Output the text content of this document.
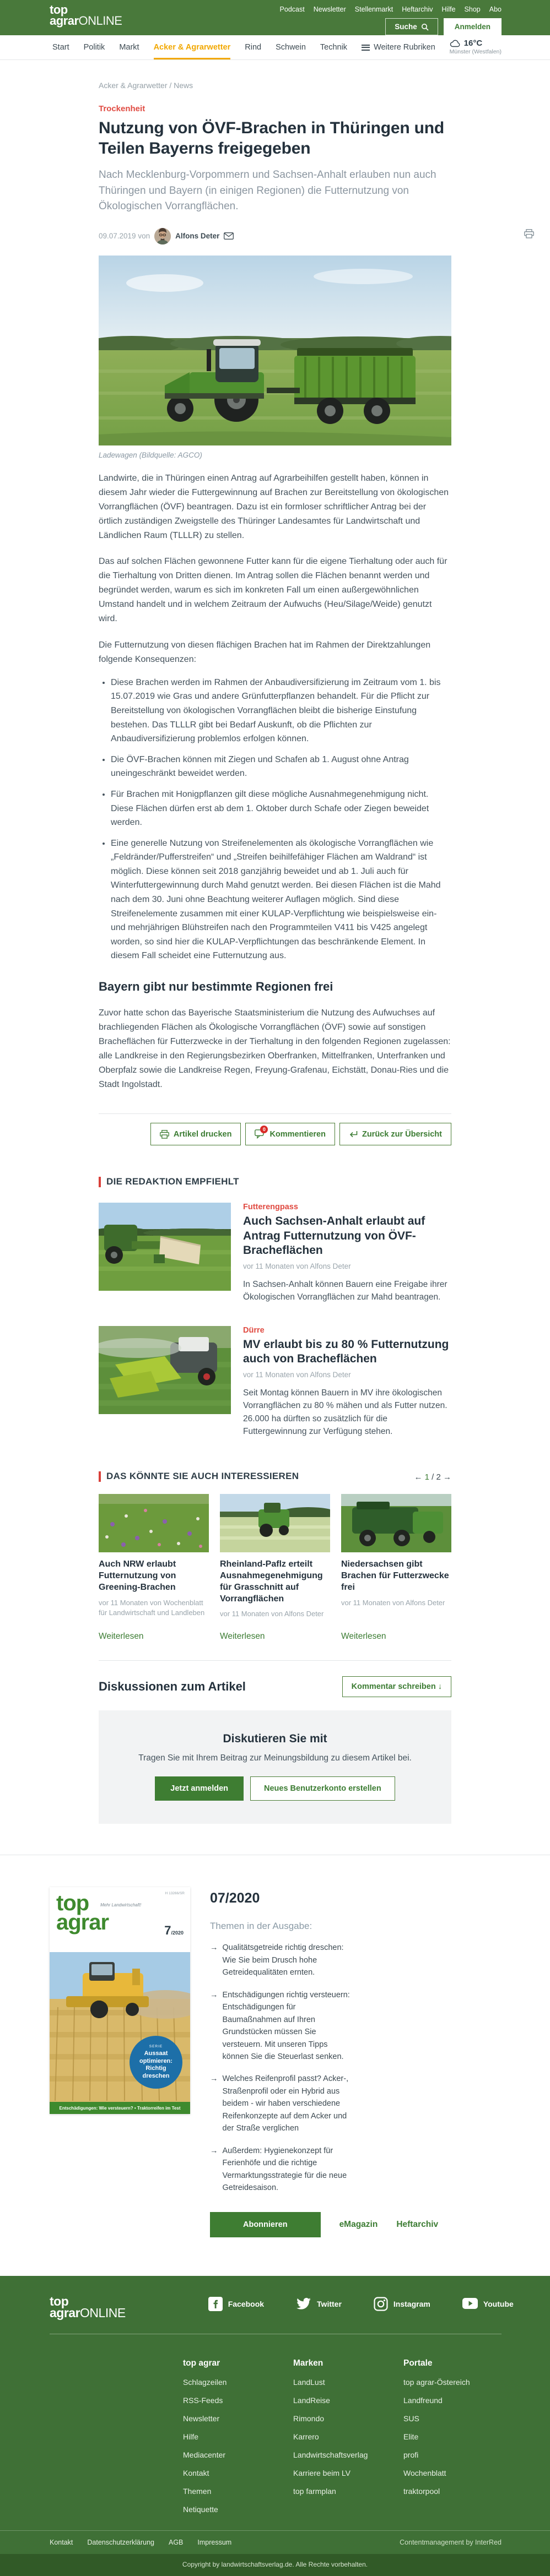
top
agrarONLINE
Podcast Newsletter Stellenmarkt Heftarchiv Hilfe Shop Abo
Suche	Anmelden
Start Politik Markt Acker & Agrarwetter Rind Schwein Technik	Weitere Rubriken	16°C
Münster (Westfalen)
Acker & Agrarwetter / News
Trockenheit
Nutzung von ÖVF-Brachen in Thüringen und Teilen Bayerns freigegeben

Nach Mecklenburg-Vorpommern und Sachsen-Anhalt erlauben nun auch Thüringen und Bayern (in einigen Regionen) die Futternutzung von Ökologischen Vorrangflächen.

09.07.2019
von	Alfons Deter
Ladewagen (Bildquelle: AGCO)

Landwirte, die in Thüringen einen Antrag auf Agrarbeihilfen gestellt haben, können in diesem Jahr wieder die Futtergewinnung auf Brachen zur Bereitstellung von ökologischen Vorrangflächen (ÖVF) beantragen. Dazu ist ein formloser schriftlicher Antrag bei der örtlich zuständigen Zweigstelle des Thüringer Landesamtes für Landwirtschaft und Ländlichen Raum (TLLLR) zu stellen.

Das auf solchen Flächen gewonnene Futter kann für die eigene Tierhaltung oder auch für die Tierhaltung von Dritten dienen. Im Antrag sollen die Flächen benannt werden und begründet werden, warum es sich im konkreten Fall um einen außergewöhnlichen Umstand handelt und in welchem Zeitraum der Aufwuchs (Heu/Silage/Weide) genutzt wird.

Die Futternutzung von diesen flächigen Brachen hat im Rahmen der Direktzahlungen folgende Konsequenzen:

• Diese Brachen werden im Rahmen der Anbaudiversifizierung im Zeitraum vom 1. bis 15.07.2019 wie Gras und andere Grünfutterpflanzen behandelt. Für die Pflicht zur Bereitstellung von ökologischen Vorrangflächen bleibt die bisherige Einstufung bestehen. Das TLLLR gibt bei Bedarf Auskunft, ob die Pflichten zur Anbaudiversifizierung problemlos erfolgen können.
• Die ÖVF-Brachen können mit Ziegen und Schafen ab 1. August ohne Antrag uneingeschränkt beweidet werden.
• Für Brachen mit Honigpflanzen gilt diese mögliche Ausnahmegenehmigung nicht. Diese Flächen dürfen erst ab dem 1. Oktober durch Schafe oder Ziegen beweidet werden.
• Eine generelle Nutzung von Streifenelementen als ökologische Vorrangflächen wie „Feldränder/Pufferstreifen“ und „Streifen beihilfefähiger Flächen am Waldrand“ ist möglich. Diese können seit 2018 ganzjährig beweidet und ab 1. Juli auch für Winterfuttergewinnung durch Mahd genutzt werden. Bei diesen Flächen ist die Mahd nach dem 30. Juni ohne Beachtung weiterer Auflagen möglich. Sind diese Streifenelemente zusammen mit einer KULAP-Verpflichtung wie beispielsweise ein- und mehrjährigen Blühstreifen nach den Programmteilen V411 bis V425 angelegt worden, so sind hier die KULAP-Verpflichtungen das beschränkende Element. In diesem Fall scheidet eine Futternutzung aus.
Bayern gibt nur bestimmte Regionen frei

Zuvor hatte schon das Bayerische Staatsministerium die Nutzung des Aufwuchses auf brachliegenden Flächen als Ökologische Vorrangflächen (ÖVF) sowie auf sonstigen Bracheflächen für Futterzwecke in der Tierhaltung in den folgenden Regionen zugelassen: alle Landkreise in den Regierungsbezirken Oberfranken, Mittelfranken, Unterfranken und Oberpfalz sowie die Landkreise Regen, Freyung-Grafenau, Eichstätt, Donau-Ries und die Stadt Ingolstadt.

Artikel drucken
0
Kommentieren	Zurück zur Übersicht
DIE REDAKTION EMPFIEHLT
Futterengpass
Auch Sachsen-Anhalt erlaubt auf Antrag Futternutzung von ÖVF-Bracheflächen
vor 11 Monaten von Alfons Deter
In Sachsen-Anhalt können Bauern eine Freigabe ihrer Ökologischen Vorrangflächen zur Mahd beantragen.
Dürre
MV erlaubt bis zu 80 % Futternutzung auch von Bracheflächen
vor 11 Monaten von Alfons Deter
Seit Montag können Bauern in MV ihre ökologischen Vorrangflächen zu 80 % mähen und als Futter nutzen. 26.000 ha dürften so zusätzlich für die Futtergewinnung zur Verfügung stehen.
DAS KÖNNTE SIE AUCH INTERESSIEREN	← 1 / 2 →
Auch NRW erlaubt Futternutzung von Greening-Brachen
vor 11 Monaten von Wochenblatt für Landwirtschaft und Landleben
Weiterlesen
Rheinland-Paflz erteilt Ausnahmegenehmigung für Grasschnitt auf Vorrangflächen
vor 11 Monaten von Alfons Deter
Weiterlesen
Niedersachsen gibt Brachen für Futterzwecke frei
vor 11 Monaten von Alfons Deter
Weiterlesen
Diskussionen zum Artikel	Kommentar schreiben ↓
Diskutieren Sie mit

Tragen Sie mit Ihrem Beitrag zur Meinungsbildung zu diesem Artikel bei.

Jetzt anmelden	Neues Benutzerkonto erstellen
top
agrar
Mehr Landwirtschaft!
H 13266/SR
7/2020
SERIE
Aussaat optimieren: Richtig dreschen
Entschädigungen: Wie versteuern? • Traktorreifen im Test
07/2020
Themen in der Ausgabe:
→ Qualitätsgetreide richtig dreschen: Wie Sie beim Drusch hohe Getreidequalitäten ernten.
→ Entschädigungen richtig versteuern: Entschädigungen für Baumaßnahmen auf Ihren Grundstücken müssen Sie versteuern. Mit unseren Tipps können Sie die Steuerlast senken.
→ Welches Reifenprofil passt? Acker-, Straßenprofil oder ein Hybrid aus beidem - wir haben verschiedene Reifenkonzepte auf dem Acker und der Straße verglichen
→ Außerdem: Hygienekonzept für Ferienhöfe und die richtige Vermarktungsstrategie für die neue Getreidesaison.
Abonnieren	eMagazin Heftarchiv
top
agrarONLINE
Facebook	Twitter	Instagram	Youtube
top agrar
Schlagzeilen
RSS-Feeds
Newsletter
Hilfe
Mediacenter
Kontakt
Themen
Netiquette
Marken
LandLust
LandReise
Rimondo
Karrero
Landwirtschaftsverlag
Karriere beim LV
top farmplan
Portale
top agrar-Östereich
Landfreund
SUS
Elite
profi
Wochenblatt
traktorpool
Kontakt Datenschutzerklärung AGB Impressum	Contentmanagement by InterRed
Copyright by landwirtschaftsverlag.de. Alle Rechte vorbehalten.
